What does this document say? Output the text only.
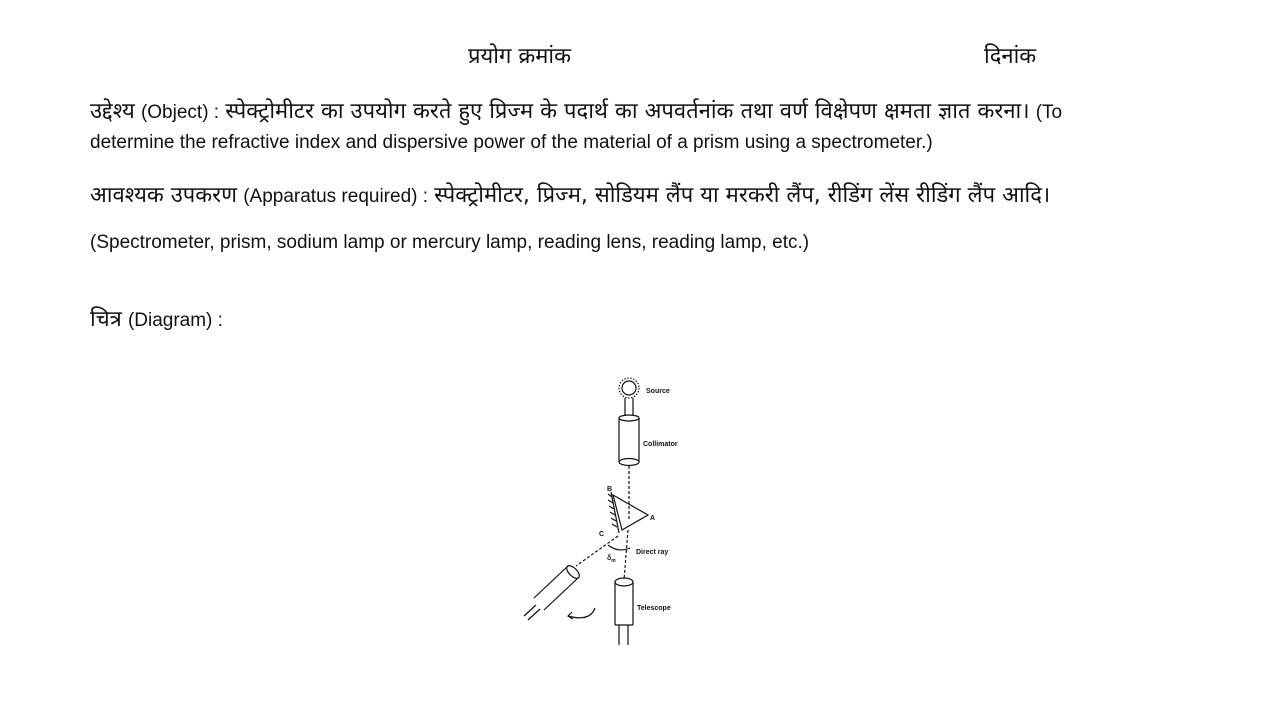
प्रयोग क्रमांक	दिनांक
उद्देश्य (Object) : स्पेक्ट्रोमीटर का उपयोग करते हुए प्रिज्म के पदार्थ का अपवर्तनांक तथा वर्ण विक्षेपण क्षमता ज्ञात करना। (To
determine the refractive index and dispersive power of the material of a prism using a spectrometer.)
आवश्यक उपकरण (Apparatus required) : स्पेक्ट्रोमीटर, प्रिज्म, सोडियम लैंप या मरकरी लैंप, रीडिंग लेंस रीडिंग लैंप आदि।
(Spectrometer, prism, sodium lamp or mercury lamp, reading lens, reading lamp, etc.)
चित्र (Diagram) :
Source
Collimator
B
A
C
Direct ray
$\delta_m$
Telescope
